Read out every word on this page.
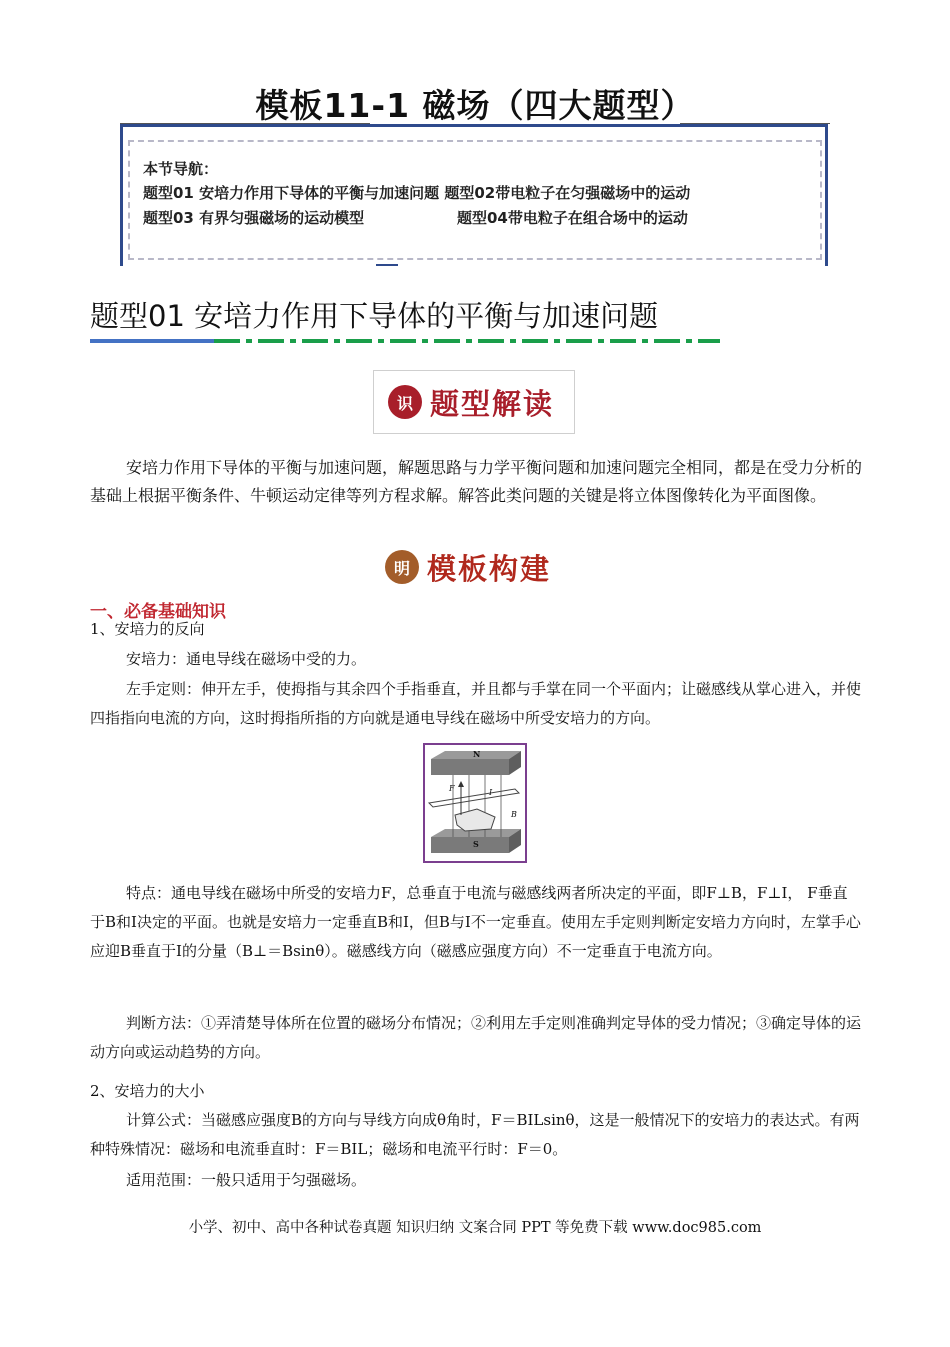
模板11-1 磁场（四大题型）
本节导航：
题型01 安培力作用下导体的平衡与加速问题 题型02带电粒子在匀强磁场中的运动
题型03 有界匀强磁场的运动模型	题型04带电粒子在组合场中的运动
题型01 安培力作用下导体的平衡与加速问题
识 题型解读
安培力作用下导体的平衡与加速问题，解题思路与力学平衡问题和加速问题完全相同，都是在受力分析的基础上根据平衡条件、牛顿运动定律等列方程求解。解答此类问题的关键是将立体图像转化为平面图像。
明 模板构建
一、必备基础知识
1、安培力的反向
安培力：通电导线在磁场中受的力。
左手定则：伸开左手，使拇指与其余四个手指垂直，并且都与手掌在同一个平面内；让磁感线从掌心进入，并使四指指向电流的方向，这时拇指所指的方向就是通电导线在磁场中所受安培力的方向。
N
S
F	I
B
特点：通电导线在磁场中所受的安培力F，总垂直于电流与磁感线两者所决定的平面，即F⊥B，F⊥I， F垂直于B和I决定的平面。也就是安培力一定垂直B和I，但B与I不一定垂直。使用左手定则判断定安培力方向时，左掌手心应迎B垂直于I的分量（B⊥＝Bsinθ）。磁感线方向（磁感应强度方向）不一定垂直于电流方向。
判断方法：①弄清楚导体所在位置的磁场分布情况；②利用左手定则准确判定导体的受力情况；③确定导体的运动方向或运动趋势的方向。
2、安培力的大小
计算公式：当磁感应强度B的方向与导线方向成θ角时，F＝BILsinθ，这是一般情况下的安培力的表达式。有两种特殊情况：磁场和电流垂直时：F＝BIL；磁场和电流平行时：F＝0。
适用范围：一般只适用于匀强磁场。
小学、初中、高中各种试卷真题 知识归纳 文案合同 PPT 等免费下载 www.doc985.com
